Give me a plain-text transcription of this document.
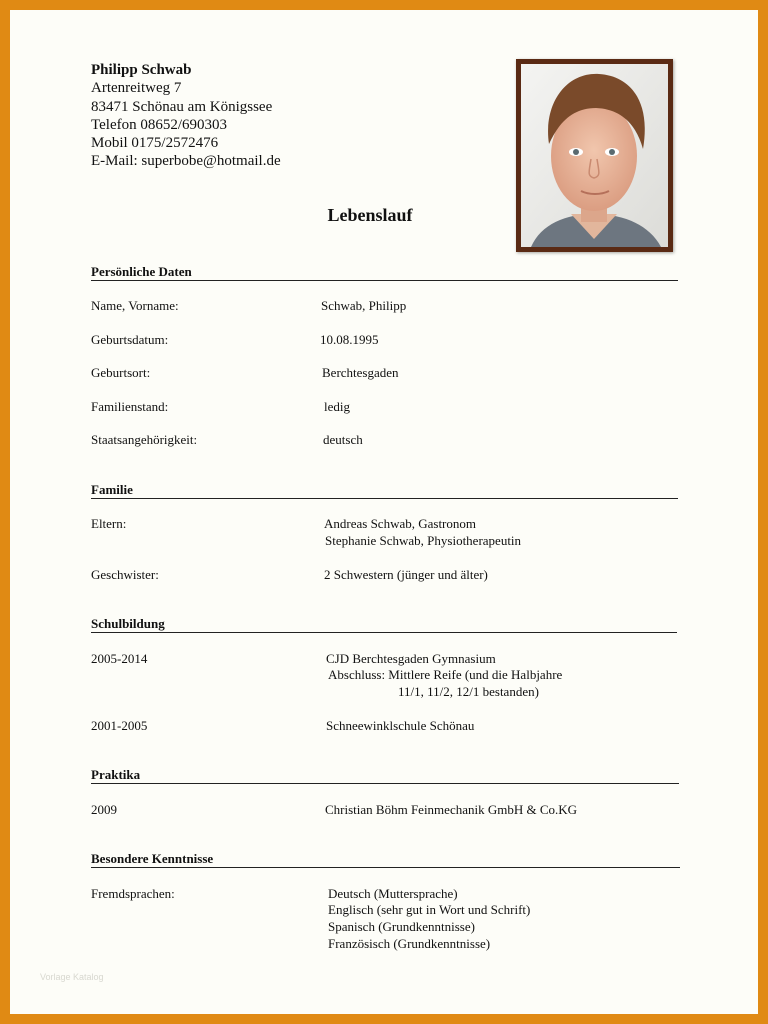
Philipp Schwab
Artenreitweg 7
83471 Schönau am Königssee
Telefon 08652/690303
Mobil 0175/2572476
E-Mail: superbobe@hotmail.de
Lebenslauf
Persönliche Daten
Name, Vorname:	Schwab, Philipp
Geburtsdatum:	10.08.1995
Geburtsort:	Berchtesgaden
Familienstand:	ledig
Staatsangehörigkeit:	deutsch
Familie
Eltern:	Andreas Schwab, Gastronom
Stephanie Schwab, Physiotherapeutin
Geschwister:	2 Schwestern (jünger und älter)
Schulbildung
2005-2014	CJD Berchtesgaden Gymnasium
Abschluss: Mittlere Reife (und die Halbjahre
11/1, 11/2, 12/1 bestanden)
2001-2005	Schneewinklschule Schönau
Praktika
2009	Christian Böhm Feinmechanik GmbH & Co.KG
Besondere Kenntnisse
Fremdsprachen:	Deutsch (Muttersprache)
Englisch (sehr gut in Wort und Schrift)
Spanisch (Grundkenntnisse)
Französisch (Grundkenntnisse)
Vorlage Katalog
